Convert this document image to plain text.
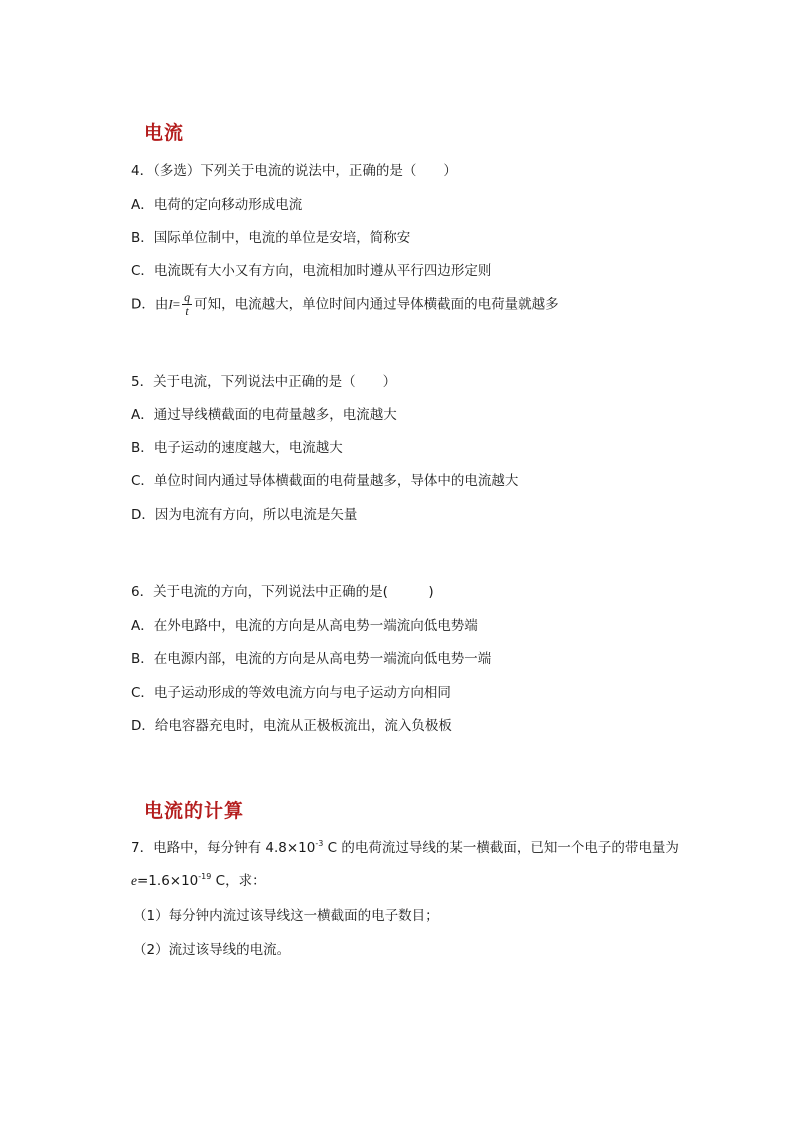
电流
4．（多选）下列关于电流的说法中，正确的是（　　）
A．电荷的定向移动形成电流
B．国际单位制中，电流的单位是安培，简称安
C．电流既有大小又有方向，电流相加时遵从平行四边形定则
D．由$I= \frac{q}{t}$ 可知，电流越大，单位时间内通过导体横截面的电荷量就越多
5．关于电流，下列说法中正确的是（　　）
A．通过导线横截面的电荷量越多，电流越大
B．电子运动的速度越大，电流越大
C．单位时间内通过导体横截面的电荷量越多，导体中的电流越大
D．因为电流有方向，所以电流是矢量
6．关于电流的方向，下列说法中正确的是(　　　)
A．在外电路中，电流的方向是从高电势一端流向低电势端
B．在电源内部，电流的方向是从高电势一端流向低电势一端
C．电子运动形成的等效电流方向与电子运动方向相同
D．给电容器充电时，电流从正极板流出，流入负极板
电流的计算
7．电路中，每分钟有 $4.8\times 10^{-3}$ C 的电荷流过导线的某一横截面，已知一个电子的带电量为
$e=1.6\times 10^{-19}$ C，求：
（1）每分钟内流过该导线这一横截面的电子数目；
（2）流过该导线的电流。
